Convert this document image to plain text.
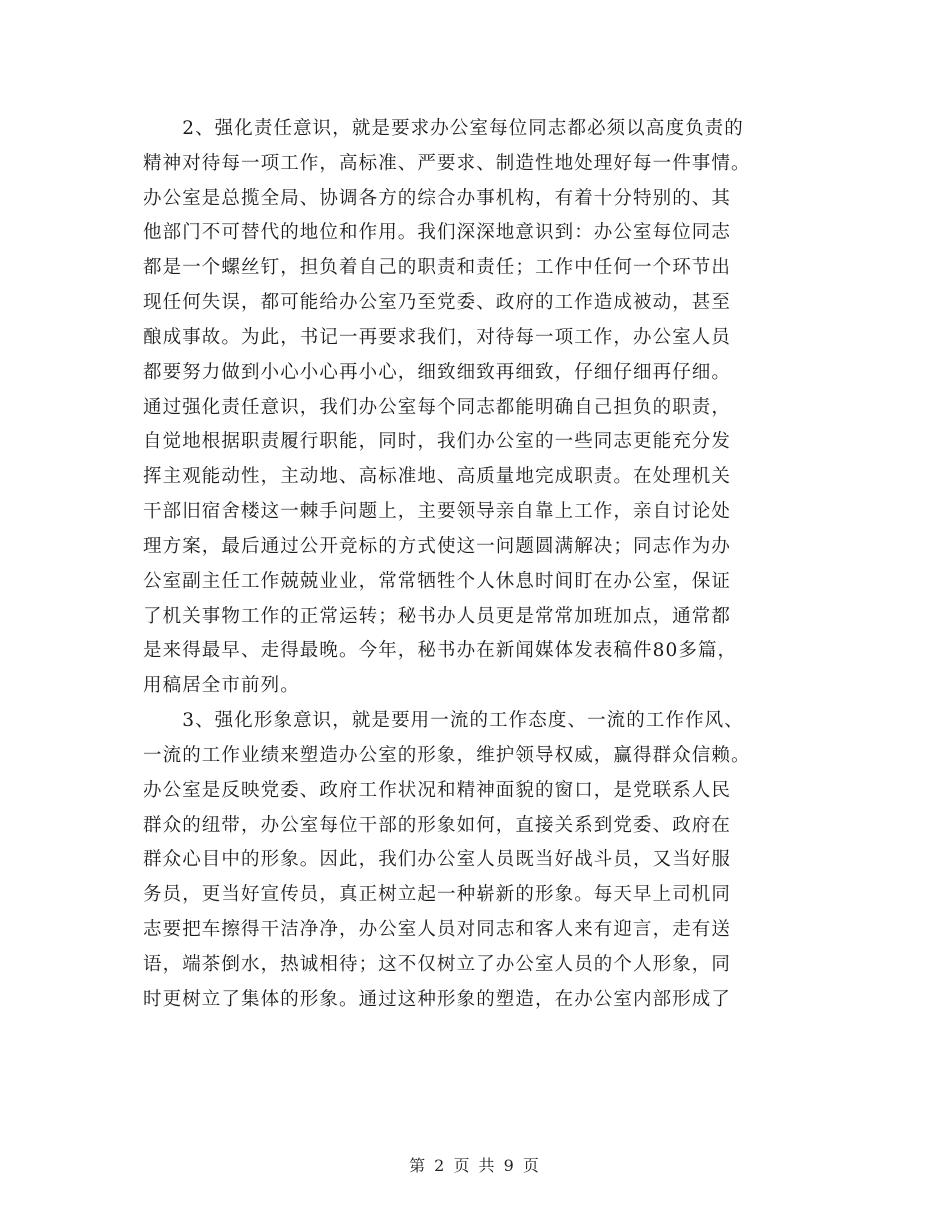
　　2、强化责任意识，就是要求办公室每位同志都必须以高度负责的
精神对待每一项工作，高标准、严要求、制造性地处理好每一件事情。
办公室是总揽全局、协调各方的综合办事机构，有着十分特别的、其
他部门不可替代的地位和作用。我们深深地意识到：办公室每位同志
都是一个螺丝钉，担负着自己的职责和责任；工作中任何一个环节出
现任何失误，都可能给办公室乃至党委、政府的工作造成被动，甚至
酿成事故。为此，书记一再要求我们，对待每一项工作，办公室人员
都要努力做到小心小心再小心，细致细致再细致，仔细仔细再仔细。
通过强化责任意识，我们办公室每个同志都能明确自己担负的职责，
自觉地根据职责履行职能，同时，我们办公室的一些同志更能充分发
挥主观能动性，主动地、高标准地、高质量地完成职责。在处理机关
干部旧宿舍楼这一棘手问题上，主要领导亲自靠上工作，亲自讨论处
理方案，最后通过公开竞标的方式使这一问题圆满解决；同志作为办
公室副主任工作兢兢业业，常常牺牲个人休息时间盯在办公室，保证
了机关事物工作的正常运转；秘书办人员更是常常加班加点，通常都
是来得最早、走得最晚。今年，秘书办在新闻媒体发表稿件80多篇，
用稿居全市前列。
　　3、强化形象意识，就是要用一流的工作态度、一流的工作作风、
一流的工作业绩来塑造办公室的形象，维护领导权威，赢得群众信赖。
办公室是反映党委、政府工作状况和精神面貌的窗口，是党联系人民
群众的纽带，办公室每位干部的形象如何，直接关系到党委、政府在
群众心目中的形象。因此，我们办公室人员既当好战斗员，又当好服
务员，更当好宣传员，真正树立起一种崭新的形象。每天早上司机同
志要把车擦得干洁净净，办公室人员对同志和客人来有迎言，走有送
语，端茶倒水，热诚相待；这不仅树立了办公室人员的个人形象，同
时更树立了集体的形象。通过这种形象的塑造，在办公室内部形成了
第 2 页 共 9 页
